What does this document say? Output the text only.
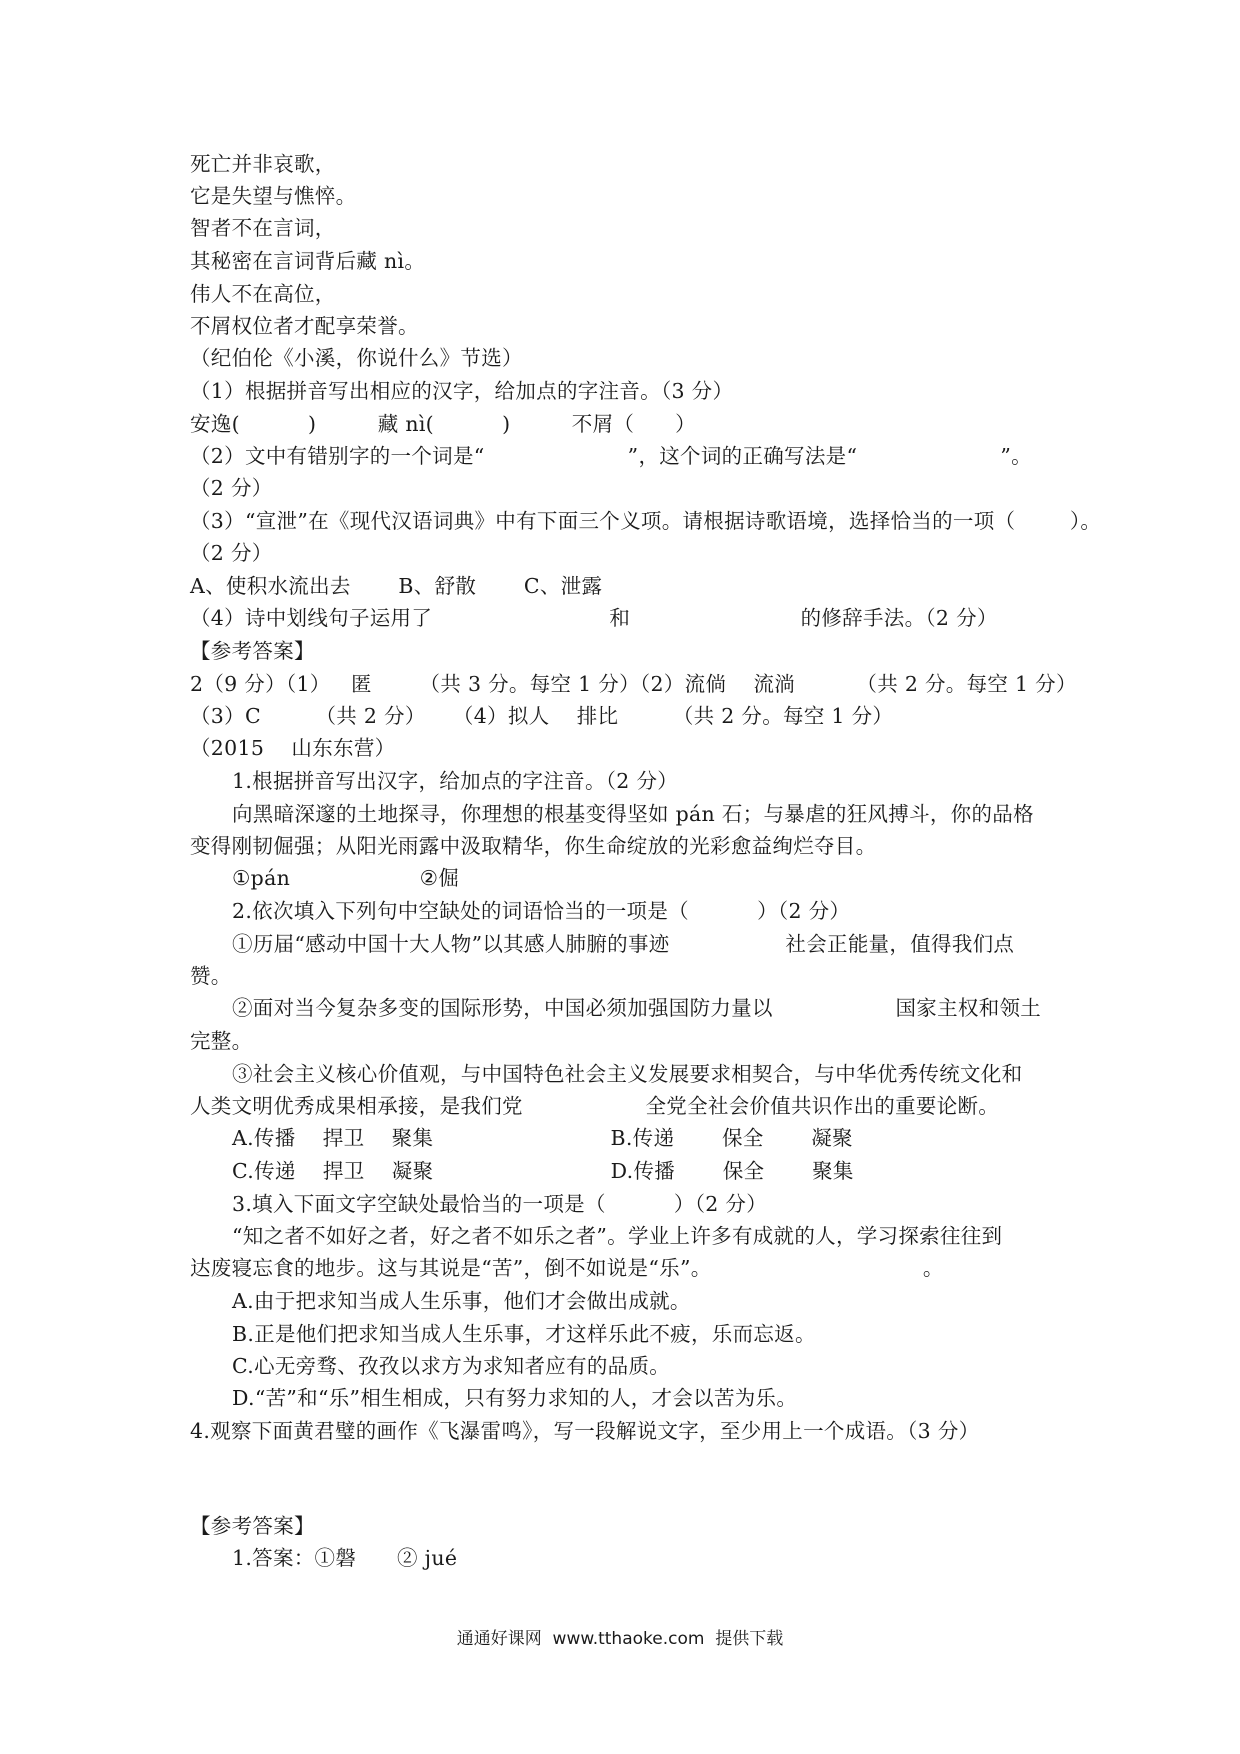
死亡并非哀歌，
它是失望与憔悴。
智者不在言词，
其秘密在言词背后藏 nì。
伟人不在高位，
不屑权位者才配享荣誉。
（纪伯伦《小溪，你说什么》节选）
（1）根据拼音写出相应的汉字，给加点的字注音。（3 分）
安逸(          )         藏 nì(          )         不屑（      ）
（2）文中有错别字的一个词是“                     ”，这个词的正确写法是“                     ”。
（2 分）
（3）“宣泄”在《现代汉语词典》中有下面三个义项。请根据诗歌语境，选择恰当的一项（        ）。
（2 分）
A、使积水流出去       B、舒散       C、泄露
（4）诗中划线句子运用了                          和                         的修辞手法。（2 分）
【参考答案】
2（9 分）（1）   匿       （共 3 分。每空 1 分）（2）流倘    流淌         （共 2 分。每空 1 分）
（3）C        （共 2 分）    （4）拟人    排比        （共 2 分。每空 1 分）
（2015    山东东营）
1.根据拼音写出汉字，给加点的字注音。（2 分）
向黑暗深邃的土地探寻，你理想的根基变得坚如 pán 石；与暴虐的狂风搏斗，你的品格
变得刚韧倔强；从阳光雨露中汲取精华，你生命绽放的光彩愈益绚烂夺目。
①pán                   ②倔
2.依次填入下列句中空缺处的词语恰当的一项是（          ）（2 分）
①历届“感动中国十大人物”以其感人肺腑的事迹                 社会正能量，值得我们点
赞。
②面对当今复杂多变的国际形势，中国必须加强国防力量以                  国家主权和领土
完整。
③社会主义核心价值观，与中国特色社会主义发展要求相契合，与中华优秀传统文化和
人类文明优秀成果相承接，是我们党                  全党全社会价值共识作出的重要论断。
A.传播    捍卫    聚集                          B.传递       保全       凝聚
C.传递    捍卫    凝聚                          D.传播       保全       聚集
3.填入下面文字空缺处最恰当的一项是（          ）（2 分）
“知之者不如好之者，好之者不如乐之者”。学业上许多有成就的人，学习探索往往到
达废寝忘食的地步。这与其说是“苦”，倒不如说是“乐”。                               。
A.由于把求知当成人生乐事，他们才会做出成就。
B.正是他们把求知当成人生乐事，才这样乐此不疲，乐而忘返。
C.心无旁骛、孜孜以求方为求知者应有的品质。
D.“苦”和“乐”相生相成，只有努力求知的人，才会以苦为乐。
4.观察下面黄君璧的画作《飞瀑雷鸣》，写一段解说文字，至少用上一个成语。（3 分）
【参考答案】
1.答案：①磐      ② jué
通通好课网  www.tthaoke.com  提供下载
